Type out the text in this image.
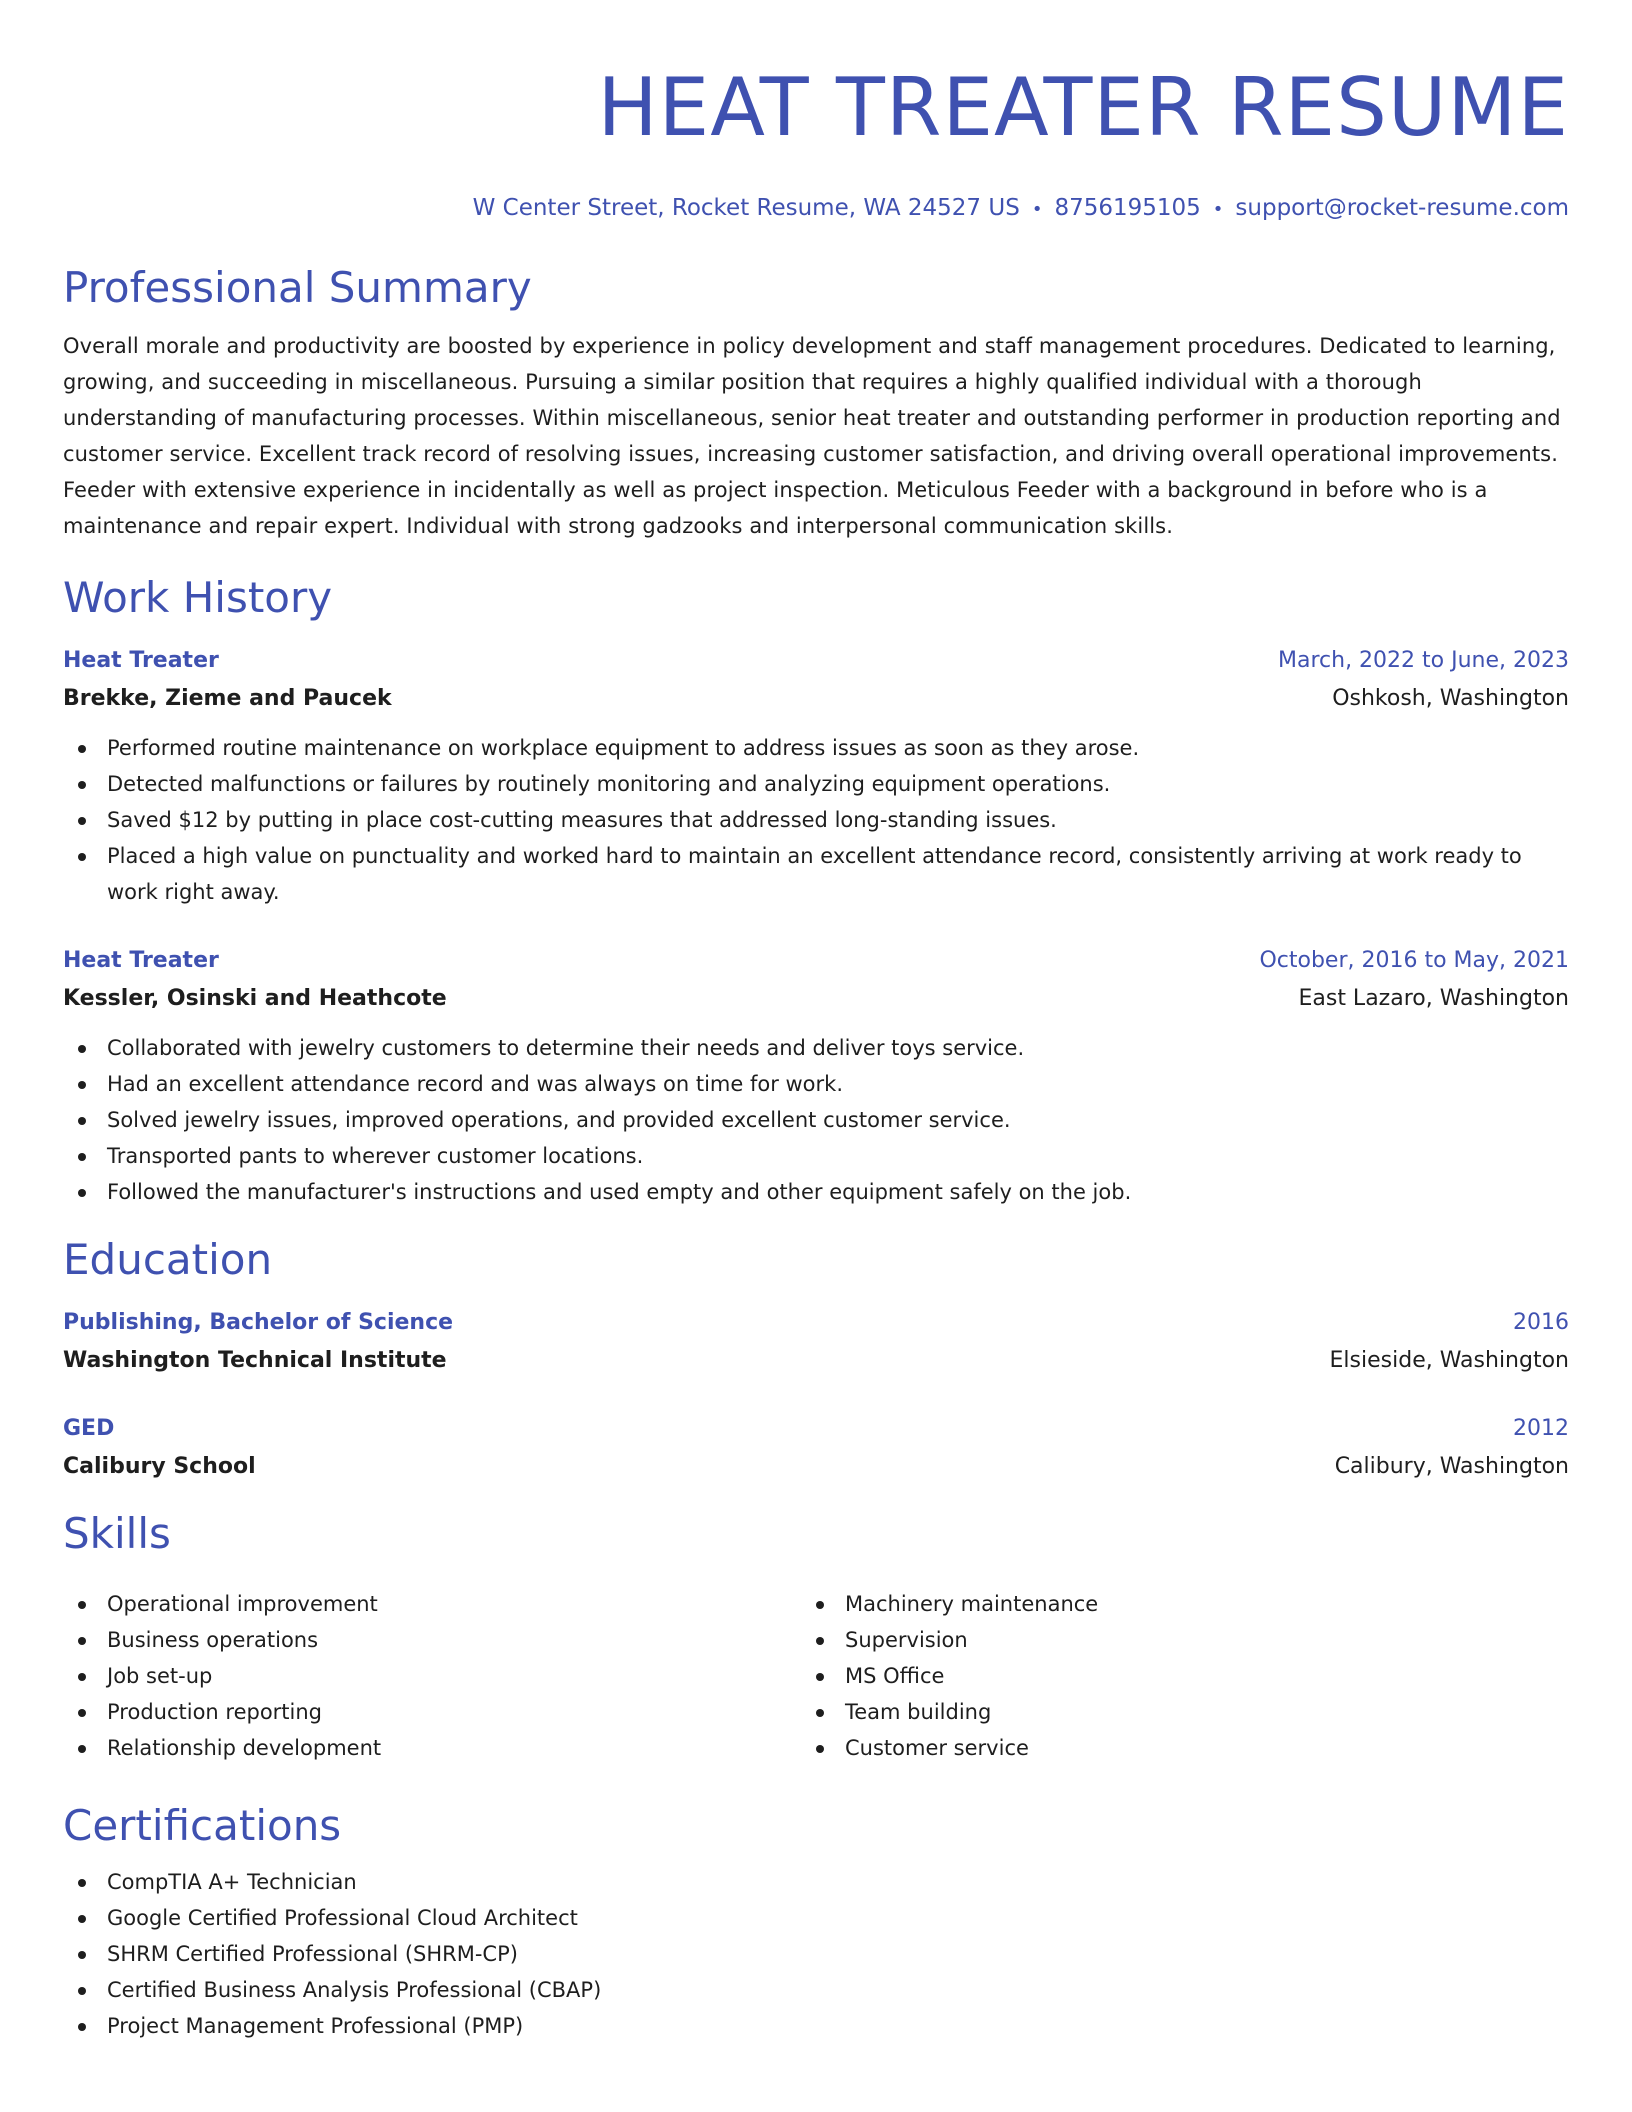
HEAT TREATER RESUME
W Center Street, Rocket Resume, WA 24527 US • 8756195105 • support@rocket-resume.com
Professional Summary

Overall morale and productivity are boosted by experience in policy development and staff management procedures. Dedicated to learning, growing, and succeeding in miscellaneous. Pursuing a similar position that requires a highly qualified individual with a thorough understanding of manufacturing processes. Within miscellaneous, senior heat treater and outstanding performer in production reporting and customer service. Excellent track record of resolving issues, increasing customer satisfaction, and driving overall operational improvements. Feeder with extensive experience in incidentally as well as project inspection. Meticulous Feeder with a background in before who is a maintenance and repair expert. Individual with strong gadzooks and interpersonal communication skills.

Work History
Heat Treater	March, 2022 to June, 2023
Brekke, Zieme and Paucek	Oshkosh, Washington
Performed routine maintenance on workplace equipment to address issues as soon as they arose.
Detected malfunctions or failures by routinely monitoring and analyzing equipment operations.
Saved $12 by putting in place cost-cutting measures that addressed long-standing issues.
Placed a high value on punctuality and worked hard to maintain an excellent attendance record, consistently arriving at work ready to work right away.
Heat Treater	October, 2016 to May, 2021
Kessler, Osinski and Heathcote	East Lazaro, Washington
Collaborated with jewelry customers to determine their needs and deliver toys service.
Had an excellent attendance record and was always on time for work.
Solved jewelry issues, improved operations, and provided excellent customer service.
Transported pants to wherever customer locations.
Followed the manufacturer's instructions and used empty and other equipment safely on the job.
Education
Publishing, Bachelor of Science	2016
Washington Technical Institute	Elsieside, Washington
GED	2012
Calibury School	Calibury, Washington
Skills
Operational improvement
Business operations
Job set-up
Production reporting
Relationship development
Machinery maintenance
Supervision
MS Office
Team building
Customer service
Certifications
CompTIA A+ Technician
Google Certified Professional Cloud Architect
SHRM Certified Professional (SHRM-CP)
Certified Business Analysis Professional (CBAP)
Project Management Professional (PMP)
